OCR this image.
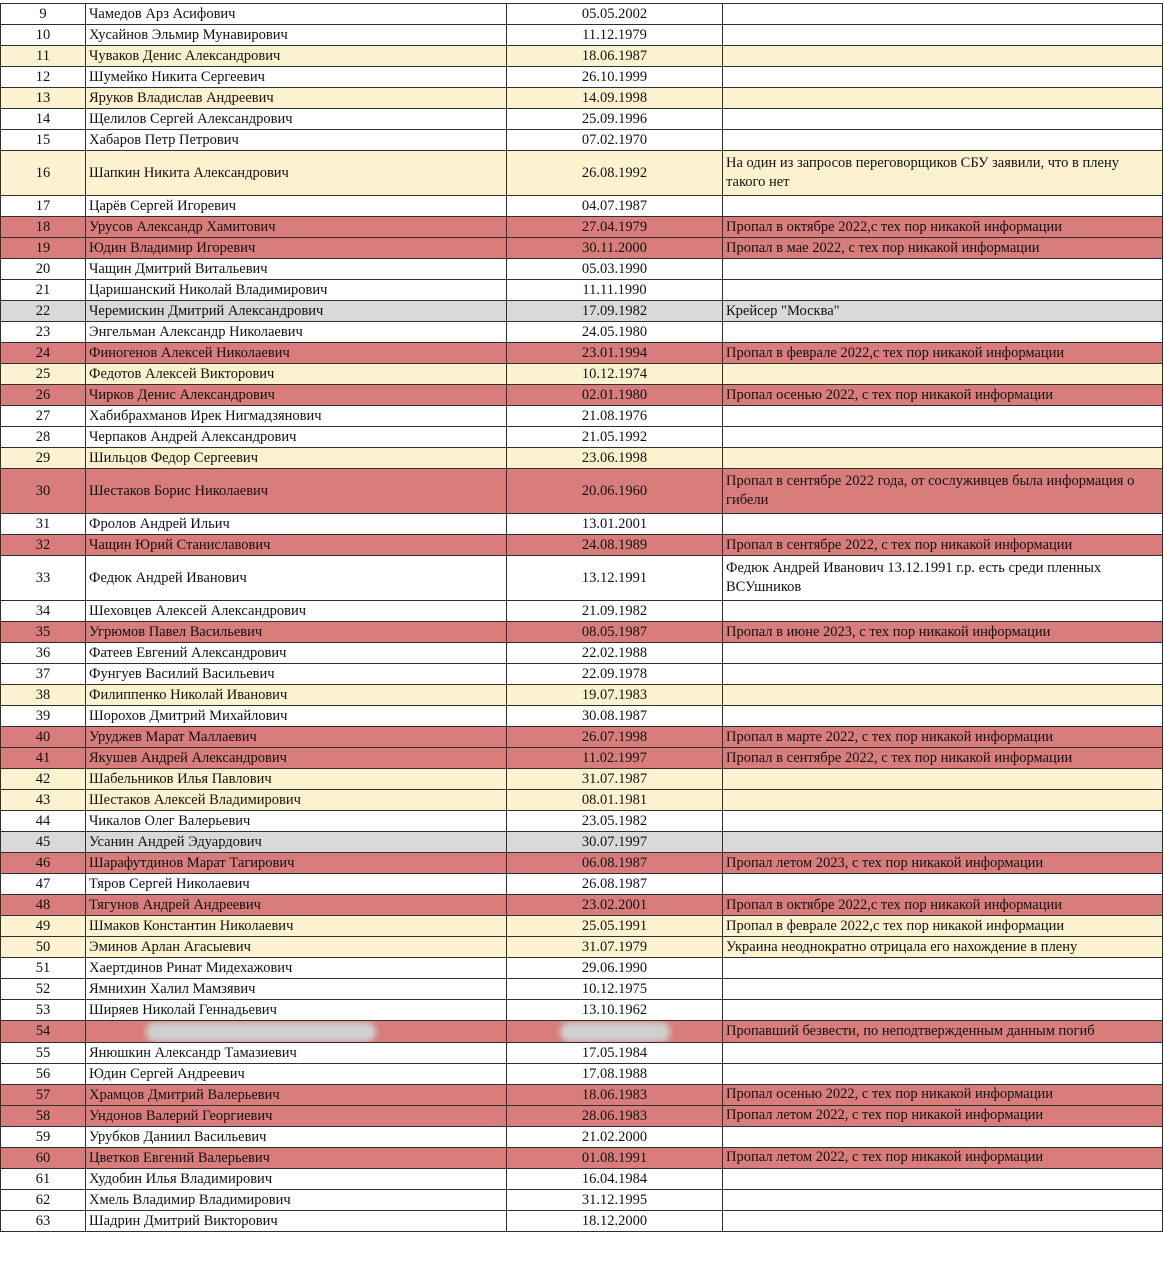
9	Чамедов Арз Асифович	05.05.2002	
10	Хусайнов Эльмир Мунавирович	11.12.1979	
11	Чуваков Денис Александрович	18.06.1987	
12	Шумейко Никита Сергеевич	26.10.1999	
13	Яруков Владислав Андреевич	14.09.1998	
14	Щелилов Сергей Александрович	25.09.1996	
15	Хабаров Петр Петрович	07.02.1970	
16	Шапкин Никита Александрович	26.08.1992	На один из запросов переговорщиков СБУ заявили, что в плену такого нет
17	Царёв Сергей Игоревич	04.07.1987	
18	Урусов Александр Хамитович	27.04.1979	Пропал в октябре 2022,с тех пор никакой информации
19	Юдин Владимир Игоревич	30.11.2000	Пропал в мае 2022, с тех пор никакой информации
20	Чащин Дмитрий Витальевич	05.03.1990	
21	Царишанский Николай Владимирович	11.11.1990	
22	Черемискин Дмитрий Александрович	17.09.1982	Крейсер "Москва"
23	Энгельман Александр Николаевич	24.05.1980	
24	Финогенов Алексей Николаевич	23.01.1994	Пропал в феврале 2022,с тех пор никакой информации
25	Федотов Алексей Викторович	10.12.1974	
26	Чирков Денис Александрович	02.01.1980	Пропал осенью 2022, с тех пор никакой информации
27	Хабибрахманов Ирек Нигмадзянович	21.08.1976	
28	Черпаков Андрей Александрович	21.05.1992	
29	Шильцов Федор Сергеевич	23.06.1998	
30	Шестаков Борис Николаевич	20.06.1960	Пропал в сентябре 2022 года, от сослуживцев была информация о гибели
31	Фролов Андрей Ильич	13.01.2001	
32	Чащин Юрий Станиславович	24.08.1989	Пропал в сентябре 2022, с тех пор никакой информации
33	Федюк Андрей Иванович	13.12.1991	Федюк Андрей Иванович 13.12.1991 г.р. есть среди пленных ВСУшников
34	Шеховцев Алексей Александрович	21.09.1982	
35	Угрюмов Павел Васильевич	08.05.1987	Пропал в июне 2023, с тех пор никакой информации
36	Фатеев Евгений Александрович	22.02.1988	
37	Фунгуев Василий Васильевич	22.09.1978	
38	Филиппенко Николай Иванович	19.07.1983	
39	Шорохов Дмитрий Михайлович	30.08.1987	
40	Уруджев Марат Маллаевич	26.07.1998	Пропал в марте 2022, с тех пор никакой информации
41	Якушев Андрей Александрович	11.02.1997	Пропал в сентябре 2022, с тех пор никакой информации
42	Шабельников Илья Павлович	31.07.1987	
43	Шестаков Алексей Владимирович	08.01.1981	
44	Чикалов Олег Валерьевич	23.05.1982	
45	Усанин Андрей Эдуардович	30.07.1997	
46	Шарафутдинов Марат Тагирович	06.08.1987	Пропал летом 2023, с тех пор никакой информации
47	Тяров Сергей Николаевич	26.08.1987	
48	Тягунов Андрей Андреевич	23.02.2001	Пропал в октябре 2022,с тех пор никакой информации
49	Шмаков Константин Николаевич	25.05.1991	Пропал в феврале 2022,с тех пор никакой информации
50	Эминов Арлан Агасыевич	31.07.1979	Украина неоднократно отрицала его нахождение в плену
51	Хаертдинов Ринат Мидехажович	29.06.1990	
52	Ямнихин Халил Мамзявич	10.12.1975	
53	Ширяев Николай Геннадьевич	13.10.1962	
54			Пропавший безвести, по неподтвержденным данным погиб
55	Янюшкин Александр Тамазиевич	17.05.1984	
56	Юдин Сергей Андреевич	17.08.1988	
57	Храмцов Дмитрий Валерьевич	18.06.1983	Пропал осенью 2022, с тех пор никакой информации
58	Ундонов Валерий Георгиевич	28.06.1983	Пропал летом 2022, с тех пор никакой информации
59	Урубков Даниил Васильевич	21.02.2000	
60	Цветков Евгений Валерьевич	01.08.1991	Пропал летом 2022, с тех пор никакой информации
61	Худобин Илья Владимирович	16.04.1984	
62	Хмель Владимир Владимирович	31.12.1995	
63	Шадрин Дмитрий Викторович	18.12.2000	
